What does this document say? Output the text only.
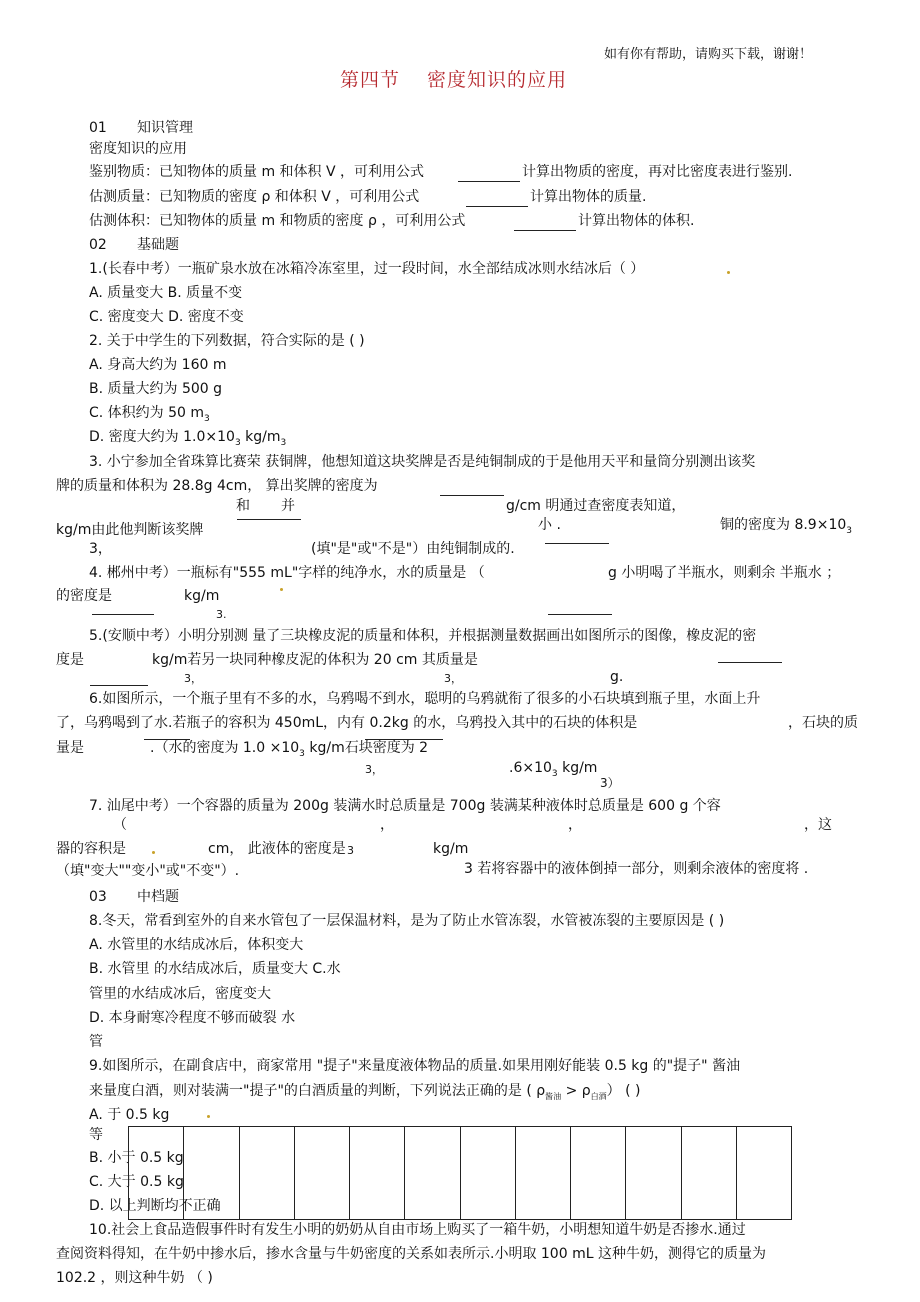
如有你有帮助，请购买下载，谢谢！
第四节　 密度知识的应用
01 知识管理
密度知识的应用
鉴别物质：已知物体的质量 m 和体积 V ，可利用公式	计算出物质的密度，再对比密度表进行鉴别.
估测质量：已知物质的密度 ρ 和体积 V ，可利用公式	计算出物体的质量.
估测体积：已知物体的质量 m 和物质的密度 ρ ，可利用公式	计算出物体的体积.
02 基础题
1.(长春中考）一瓶矿泉水放在冰箱冷冻室里，过一段时间，水全部结成冰则水结冰后（ ）
A. 质量变大 B. 质量不变
C. 密度变大 D. 密度不变
2. 关于中学生的下列数据，符合实际的是 ( )
A. 身高大约为 160 m
B. 质量大约为 500 g
C. 体积约为 50 $m_3$
D. 密度大约为 $1.0\times 10_3$ $kg/m_3$
3. 小宁参加全省珠算比赛荣 获铜牌，他想知道这块奖牌是否是纯铜制成的于是他用天平和量筒分别测出该奖
牌的质量和体积为 28.8g 4cm， 算出奖牌的密度为
g/cm 明通过查密度表知道，
和 并
kg/m由此他判断该奖牌	小 .	铜的密度为 $8.9\times 10_3$
3，	(填"是"或"不是"）由纯铜制成的.
4. 郴州中考）一瓶标有"555 mL"字样的纯净水，水的质量是 （	g 小明喝了半瓶水，则剩余 半瓶水 ；
的密度是	kg/m
3.
5.(安顺中考）小明分别测 量了三块橡皮泥的质量和体积，并根据测量数据画出如图所示的图像，橡皮泥的密
度是	kg/m若另一块同种橡皮泥的体积为 20 cm 其质量是
g.
3，	3，
6.如图所示，一个瓶子里有不多的水，乌鸦喝不到水，聪明的乌鸦就衔了很多的小石块填到瓶子里，水面上升
了，乌鸦喝到了水.若瓶子的容积为 450mL，内有 0.2kg 的水，乌鸦投入其中的石块的体积是	，石块的质
量是	.（水的密度为 $1.0 \times 10_3$ kg/m石块密度为 2
3，	$.6\times 10_3$ kg/m
3）
7. 汕尾中考）一个容器的质量为 200g 装满水时总质量是 700g 装满某种液体时总质量是 600 g 个容
（	，	，	，这
器的容积是	cm， 此液体的密度是 3	kg/m
（填"变大""变小"或"不变"）.	3 若将容器中的液体倒掉一部分，则剩余液体的密度将 .
03 中档题
8.冬天，常看到室外的自来水管包了一层保温材料，是为了防止水管冻裂，水管被冻裂的主要原因是 ( )
A. 水管里的水结成冰后，体积变大
B. 水管里 的水结成冰后，质量变大 C.水
管里的水结成冰后，密度变大
D. 本身耐寒冷程度不够而破裂 水
管
9.如图所示，在副食店中，商家常用 "提子"来量度液体物品的质量.如果用刚好能装 0.5 kg 的"提子" 酱油
来量度白酒，则对装满一"提子"的白酒质量的判断，下列说法正确的是 ( $\rho_{酱油} > \rho_{白酒}$） ( )
A. 于 0.5 kg
等
B. 小于 0.5 kg
C. 大于 0.5 kg
D. 以上判断均不正确
10.社会上食品造假事件时有发生小明的奶奶从自由市场上购买了一箱牛奶，小明想知道牛奶是否掺水.通过
查阅资料得知，在牛奶中掺水后，掺水含量与牛奶密度的关系如表所示.小明取 100 mL 这种牛奶，测得它的质量为
102.2 ，则这种牛奶 （ )
